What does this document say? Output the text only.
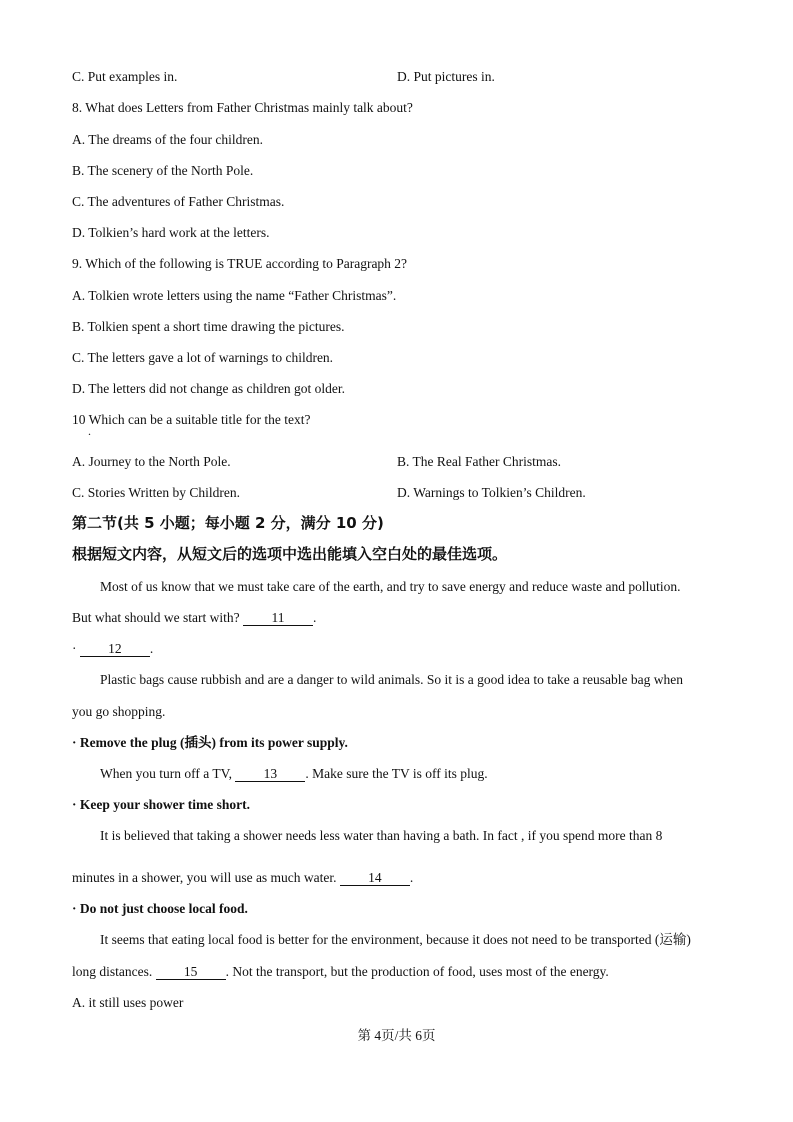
C. Put examples in.	D. Put pictures in.
8. What does Letters from Father Christmas mainly talk about?
A. The dreams of the four children.
B. The scenery of the North Pole.
C. The adventures of Father Christmas.
D. Tolkien’s hard work at the letters.
9. Which of the following is TRUE according to Paragraph 2?
A. Tolkien wrote letters using the name “Father Christmas”.
B. Tolkien spent a short time drawing the pictures.
C. The letters gave a lot of warnings to children.
D. The letters did not change as children got older.
10 Which can be a suitable title for the text?
.
A. Journey to the North Pole.	B. The Real Father Christmas.
C. Stories Written by Children.	D. Warnings to Tolkien’s Children.
第二节(共 5 小题；每小题 2 分，满分 10 分)
根据短文内容，从短文后的选项中选出能填入空白处的最佳选项。
Most of us know that we must take care of the earth, and try to save energy and reduce waste and pollution.
But what should we start with? 11 .
· 12 .
Plastic bags cause rubbish and are a danger to wild animals. So it is a good idea to take a reusable bag when
you go shopping.
· Remove the plug (插头) from its power supply.
When you turn off a TV, 13 . Make sure the TV is off its plug.
· Keep your shower time short.
It is believed that taking a shower needs less water than having a bath. In fact , if you spend more than 8
minutes in a shower, you will use as much water. 14 .
· Do not just choose local food.
It seems that eating local food is better for the environment, because it does not need to be transported (运输)
long distances. 15 . Not the transport, but the production of food, uses most of the energy.
A. it still uses power
第 4页/共 6页
